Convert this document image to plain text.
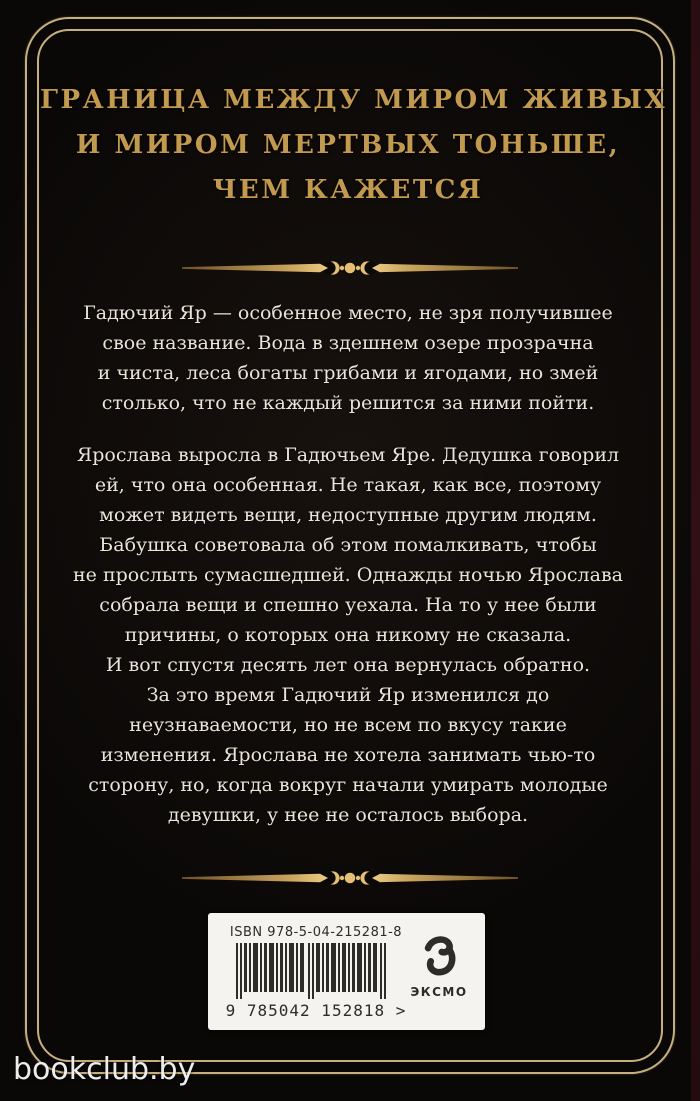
ГРАНИЦА МЕЖДУ МИРОМ ЖИВЫХ
И МИРОМ МЕРТВЫХ ТОНЬШЕ,
ЧЕМ КАЖЕТСЯ
Гадючий Яр — особенное место, не зря получившее
свое название. Вода в здешнем озере прозрачна
и чиста, леса богаты грибами и ягодами, но змей
столько, что не каждый решится за ними пойти.
Ярослава выросла в Гадючьем Яре. Дедушка говорил
ей, что она особенная. Не такая, как все, поэтому
может видеть вещи, недоступные другим людям.
Бабушка советовала об этом помалкивать, чтобы
не прослыть сумасшедшей. Однажды ночью Ярослава
собрала вещи и спешно уехала. На то у нее были
причины, о которых она никому не сказала.
И вот спустя десять лет она вернулась обратно.
За это время Гадючий Яр изменился до
неузнаваемости, но не всем по вкусу такие
изменения. Ярослава не хотела занимать чью-то
сторону, но, когда вокруг начали умирать молодые
девушки, у нее не осталось выбора.
ISBN 978-5-04-215281-8
9 785042 152818 >
ЭКСМО
bookclub.by
